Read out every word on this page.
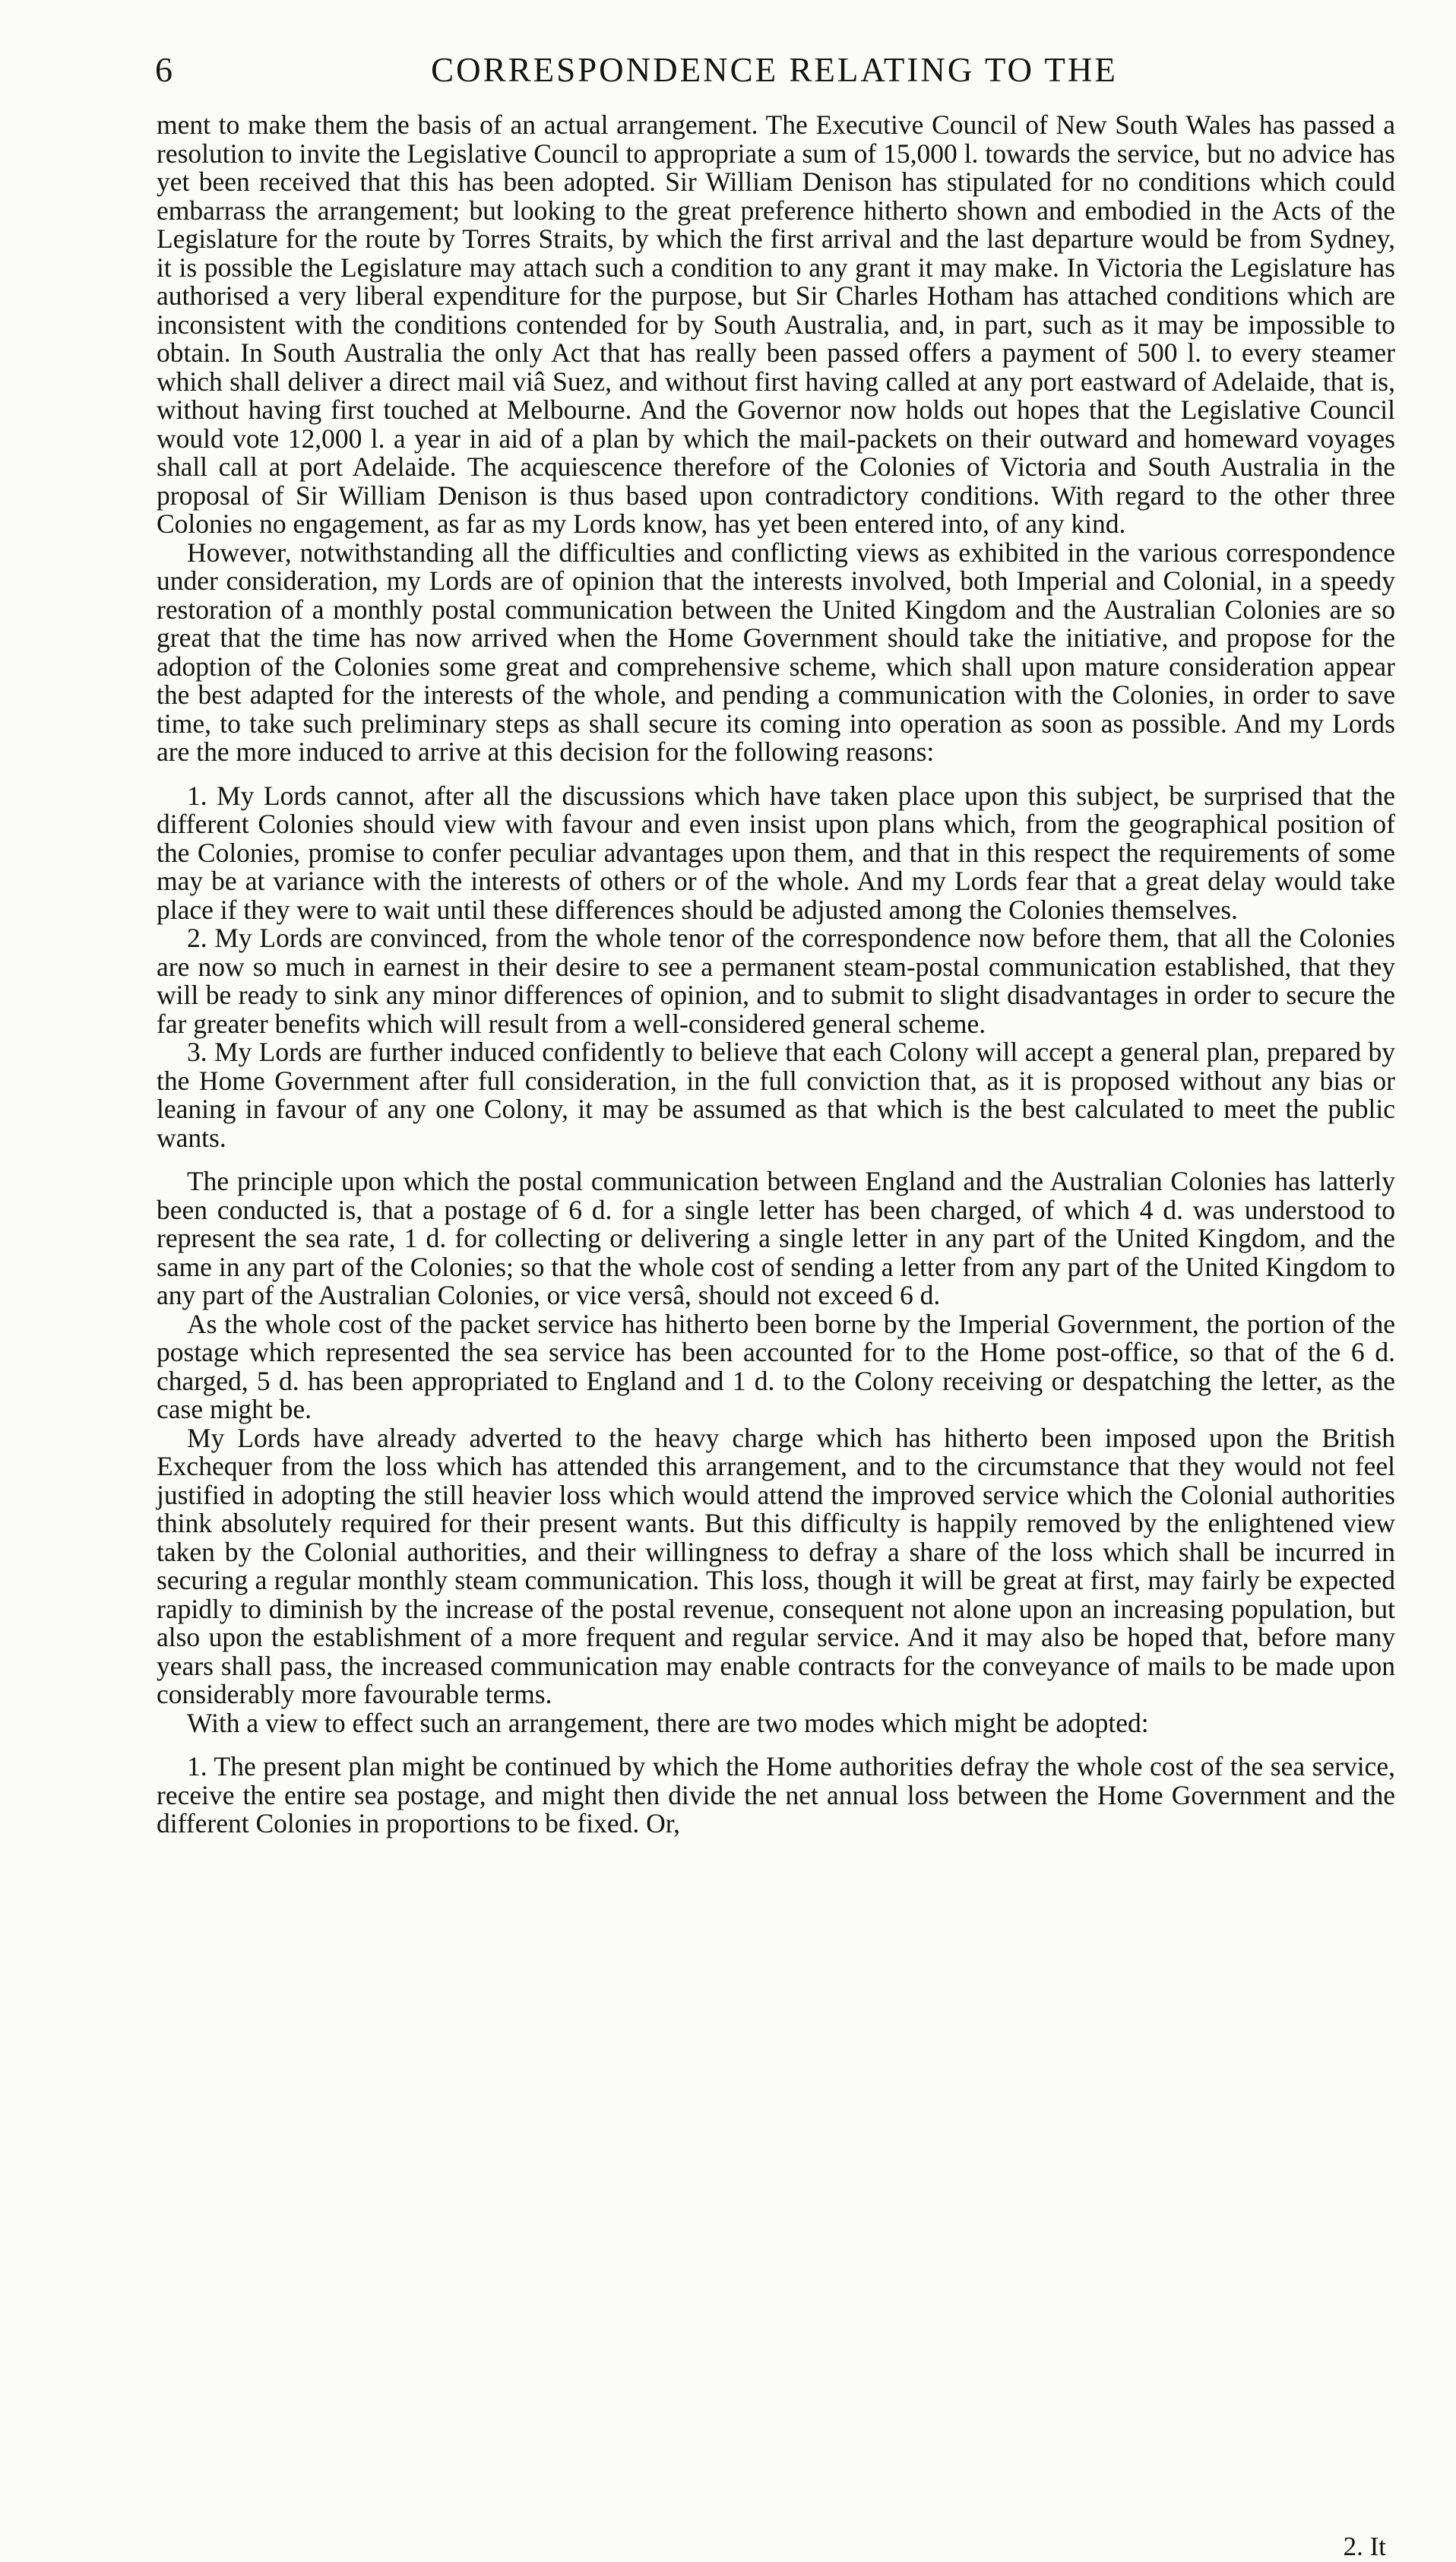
6	CORRESPONDENCE RELATING TO THE

ment to make them the basis of an actual arrangement. The Executive Council of New South Wales has passed a resolution to invite the Legislative Council to appropriate a sum of 15,000 l. towards the service, but no advice has yet been received that this has been adopted. Sir William Denison has stipulated for no conditions which could embarrass the arrangement; but looking to the great preference hitherto shown and embodied in the Acts of the Legislature for the route by Torres Straits, by which the first arrival and the last departure would be from Sydney, it is possible the Legislature may attach such a condition to any grant it may make. In Victoria the Legislature has authorised a very liberal expenditure for the purpose, but Sir Charles Hotham has attached conditions which are inconsistent with the conditions contended for by South Australia, and, in part, such as it may be impossible to obtain. In South Australia the only Act that has really been passed offers a payment of 500 l. to every steamer which shall deliver a direct mail viâ Suez, and without first having called at any port eastward of Adelaide, that is, without having first touched at Melbourne. And the Governor now holds out hopes that the Legislative Council would vote 12,000 l. a year in aid of a plan by which the mail-packets on their outward and homeward voyages shall call at port Adelaide. The acquiescence therefore of the Colonies of Victoria and South Australia in the proposal of Sir William Denison is thus based upon contradictory conditions. With regard to the other three Colonies no engagement, as far as my Lords know, has yet been entered into, of any kind.

However, notwithstanding all the difficulties and conflicting views as exhibited in the various correspondence under consideration, my Lords are of opinion that the interests involved, both Imperial and Colonial, in a speedy restoration of a monthly postal communication between the United Kingdom and the Australian Colonies are so great that the time has now arrived when the Home Government should take the initiative, and propose for the adoption of the Colonies some great and comprehensive scheme, which shall upon mature consideration appear the best adapted for the interests of the whole, and pending a communication with the Colonies, in order to save time, to take such preliminary steps as shall secure its coming into operation as soon as possible. And my Lords are the more induced to arrive at this decision for the following reasons:

1. My Lords cannot, after all the discussions which have taken place upon this subject, be surprised that the different Colonies should view with favour and even insist upon plans which, from the geographical position of the Colonies, promise to confer peculiar advantages upon them, and that in this respect the requirements of some may be at variance with the interests of others or of the whole. And my Lords fear that a great delay would take place if they were to wait until these differences should be adjusted among the Colonies themselves.

2. My Lords are convinced, from the whole tenor of the correspondence now before them, that all the Colonies are now so much in earnest in their desire to see a permanent steam-postal communication established, that they will be ready to sink any minor differences of opinion, and to submit to slight disadvantages in order to secure the far greater benefits which will result from a well-considered general scheme.

3. My Lords are further induced confidently to believe that each Colony will accept a general plan, prepared by the Home Government after full consideration, in the full conviction that, as it is proposed without any bias or leaning in favour of any one Colony, it may be assumed as that which is the best calculated to meet the public wants.

The principle upon which the postal communication between England and the Australian Colonies has latterly been conducted is, that a postage of 6 d. for a single letter has been charged, of which 4 d. was understood to represent the sea rate, 1 d. for collecting or delivering a single letter in any part of the United Kingdom, and the same in any part of the Colonies; so that the whole cost of sending a letter from any part of the United Kingdom to any part of the Australian Colonies, or vice versâ, should not exceed 6 d.

As the whole cost of the packet service has hitherto been borne by the Imperial Government, the portion of the postage which represented the sea service has been accounted for to the Home post-office, so that of the 6 d. charged, 5 d. has been appropriated to England and 1 d. to the Colony receiving or despatching the letter, as the case might be.

My Lords have already adverted to the heavy charge which has hitherto been imposed upon the British Exchequer from the loss which has attended this arrangement, and to the circumstance that they would not feel justified in adopting the still heavier loss which would attend the improved service which the Colonial authorities think absolutely required for their present wants. But this difficulty is happily removed by the enlightened view taken by the Colonial authorities, and their willingness to defray a share of the loss which shall be incurred in securing a regular monthly steam communication. This loss, though it will be great at first, may fairly be expected rapidly to diminish by the increase of the postal revenue, consequent not alone upon an increasing population, but also upon the establishment of a more frequent and regular service. And it may also be hoped that, before many years shall pass, the increased communication may enable contracts for the conveyance of mails to be made upon considerably more favourable terms.

With a view to effect such an arrangement, there are two modes which might be adopted:

1. The present plan might be continued by which the Home authorities defray the whole cost of the sea service, receive the entire sea postage, and might then divide the net annual loss between the Home Government and the different Colonies in proportions to be fixed. Or,

2. It
